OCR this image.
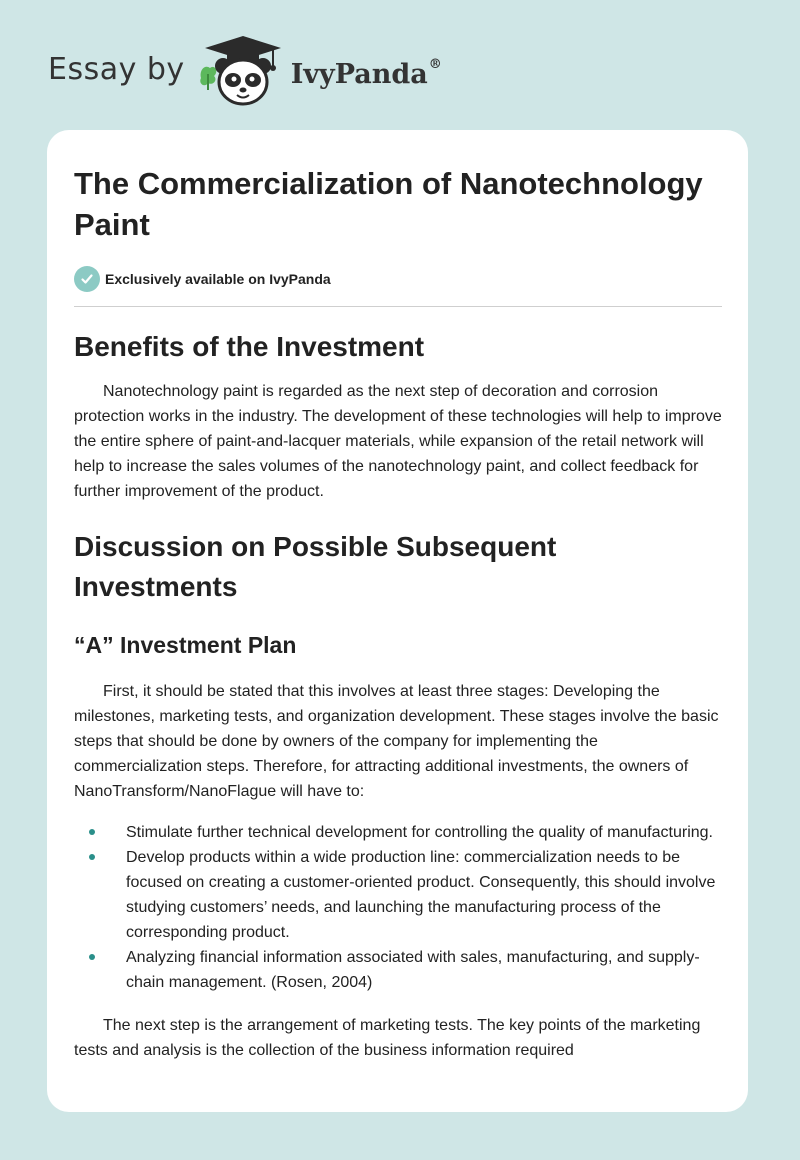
Essay by	IvyPanda®
The Commercialization of Nanotechnology Paint
Exclusively available on IvyPanda
Benefits of the Investment

Nanotechnology paint is regarded as the next step of decoration and corrosion protection works in the industry. The development of these technologies will help to improve the entire sphere of paint-and-lacquer materials, while expansion of the retail network will help to increase the sales volumes of the nanotechnology paint, and collect feedback for further improvement of the product.

Discussion on Possible Subsequent Investments
“A” Investment Plan

First, it should be stated that this involves at least three stages: Developing the milestones, marketing tests, and organization development. These stages involve the basic steps that should be done by owners of the company for implementing the commercialization steps. Therefore, for attracting additional investments, the owners of NanoTransform/NanoFlague will have to:

Stimulate further technical development for controlling the quality of manufacturing.
Develop products within a wide production line: commercialization needs to be focused on creating a customer-oriented product. Consequently, this should involve studying customers’ needs, and launching the manufacturing process of the corresponding product.
Analyzing financial information associated with sales, manufacturing, and supply-chain management. (Rosen, 2004)

The next step is the arrangement of marketing tests. The key points of the marketing tests and analysis is the collection of the business information required
